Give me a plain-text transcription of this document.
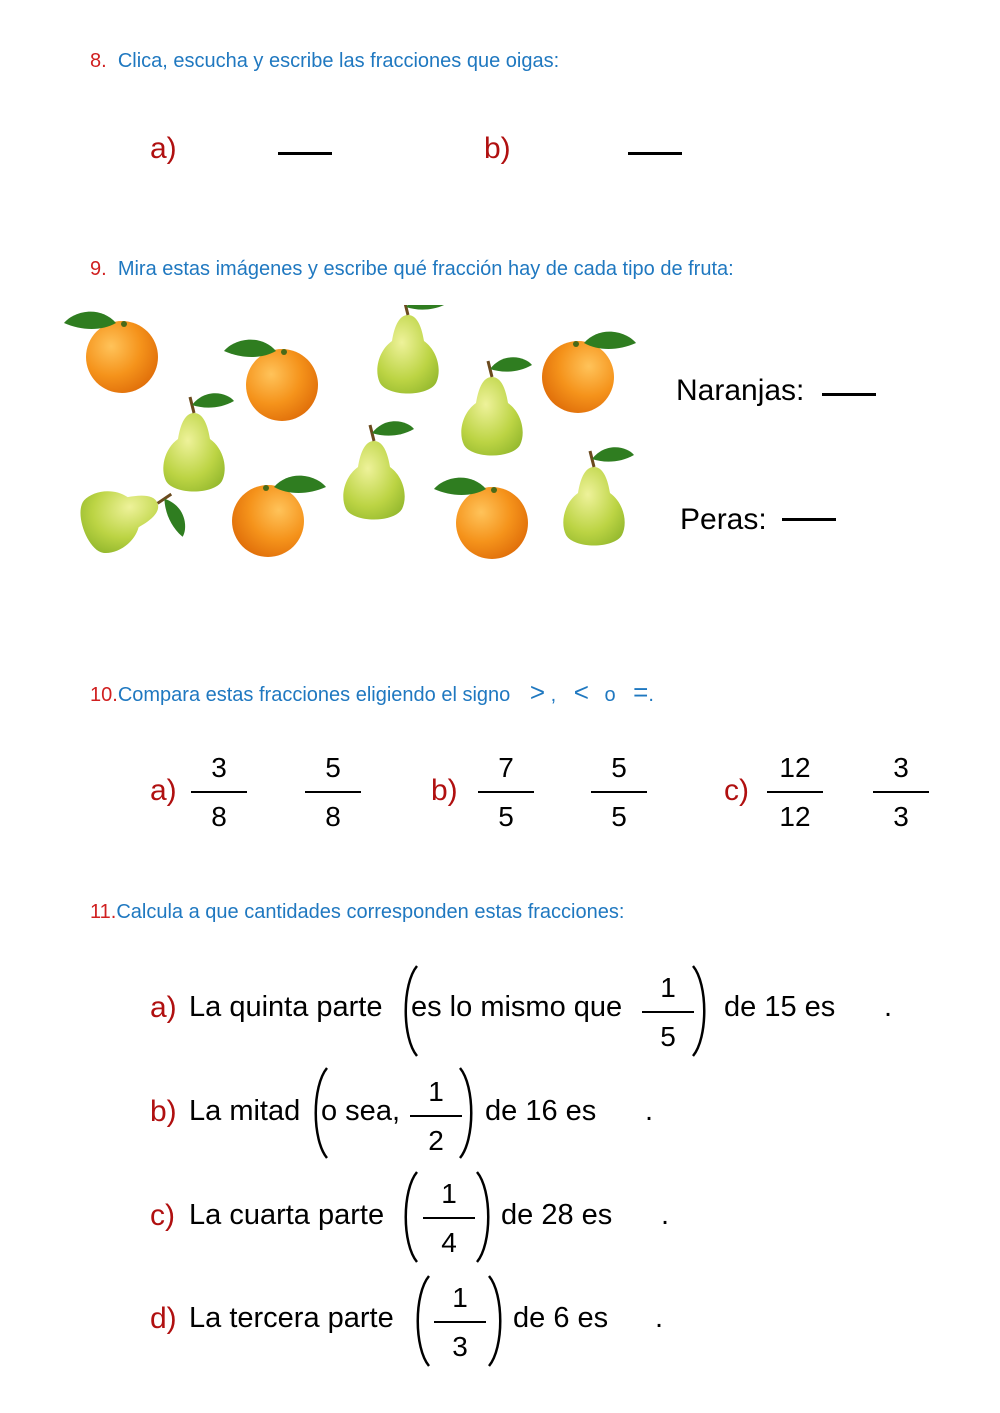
8. Clica, escucha y escribe las fracciones que oigas:
a)	b)
9. Mira estas imágenes y escribe qué fracción hay de cada tipo de fruta:
Naranjas:
Peras:
10.Compara estas fracciones eligiendo el signo > , < o =.
a)
3
8
5
8
b)
7
5
5
5
c)
12
12
3
3
11.Calcula a que cantidades corresponden estas fracciones:
a) La quinta parte es lo mismo que
1
5
de 15 es .
b) La mitad o sea,
1
2
de 16 es .
c) La cuarta parte
1
4
de 28 es .
d) La tercera parte
1
3
de 6 es .
